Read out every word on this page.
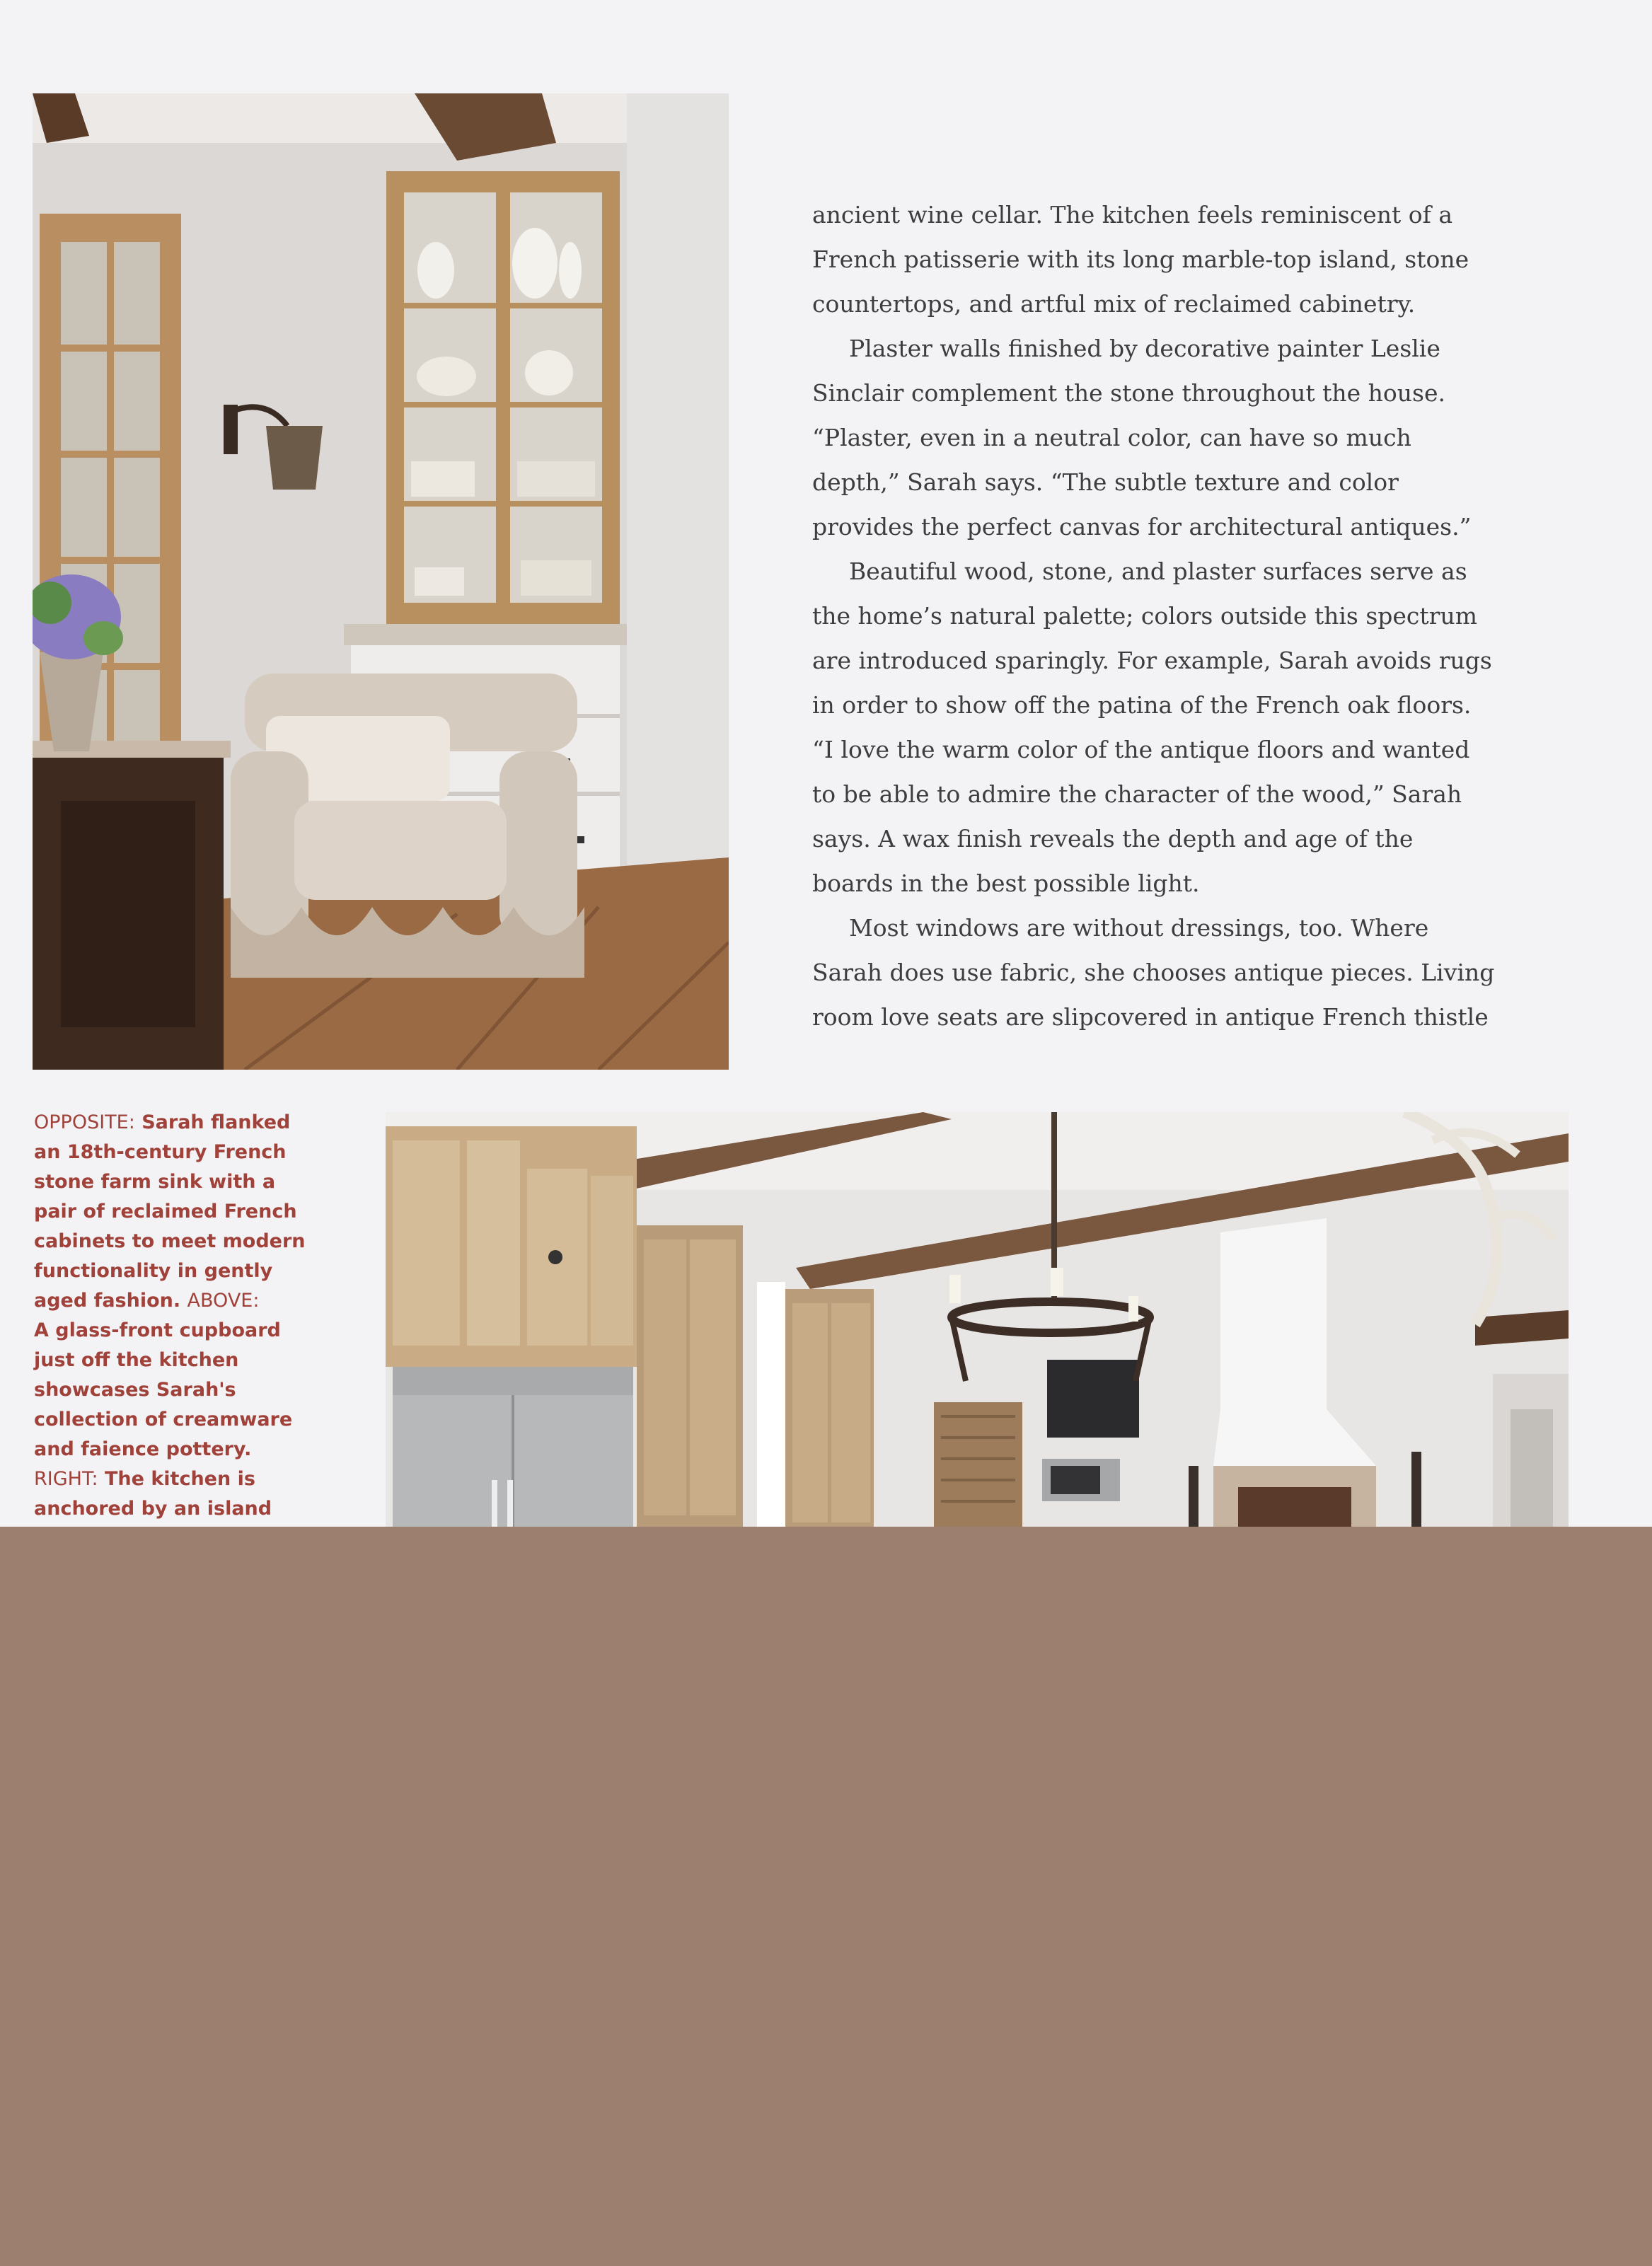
ancient wine cellar. The kitchen feels reminiscent of a
French patisserie with its long marble-top island, stone
countertops, and artful mix of reclaimed cabinetry.

Plaster walls finished by decorative painter Leslie
Sinclair complement the stone throughout the house.
“Plaster, even in a neutral color, can have so much
depth,” Sarah says. “The subtle texture and color
provides the perfect canvas for architectural antiques.”

Beautiful wood, stone, and plaster surfaces serve as
the home’s natural palette; colors outside this spectrum
are introduced sparingly. For example, Sarah avoids rugs
in order to show off the patina of the French oak floors.
“I love the warm color of the antique floors and wanted
to be able to admire the character of the wood,” Sarah
says. A wax finish reveals the depth and age of the
boards in the best possible light.

Most windows are without dressings, too. Where
Sarah does use fabric, she chooses antique pieces. Living
room love seats are slipcovered in antique French thistle

OPPOSITE: Sarah flanked
an 18th-century French
stone farm sink with a
pair of reclaimed French
cabinets to meet modern
functionality in gently
aged fashion. ABOVE:
A glass-front cupboard
just off the kitchen
showcases Sarah's
collection of creamware
and faience pottery.
RIGHT: The kitchen is
anchored by an island
